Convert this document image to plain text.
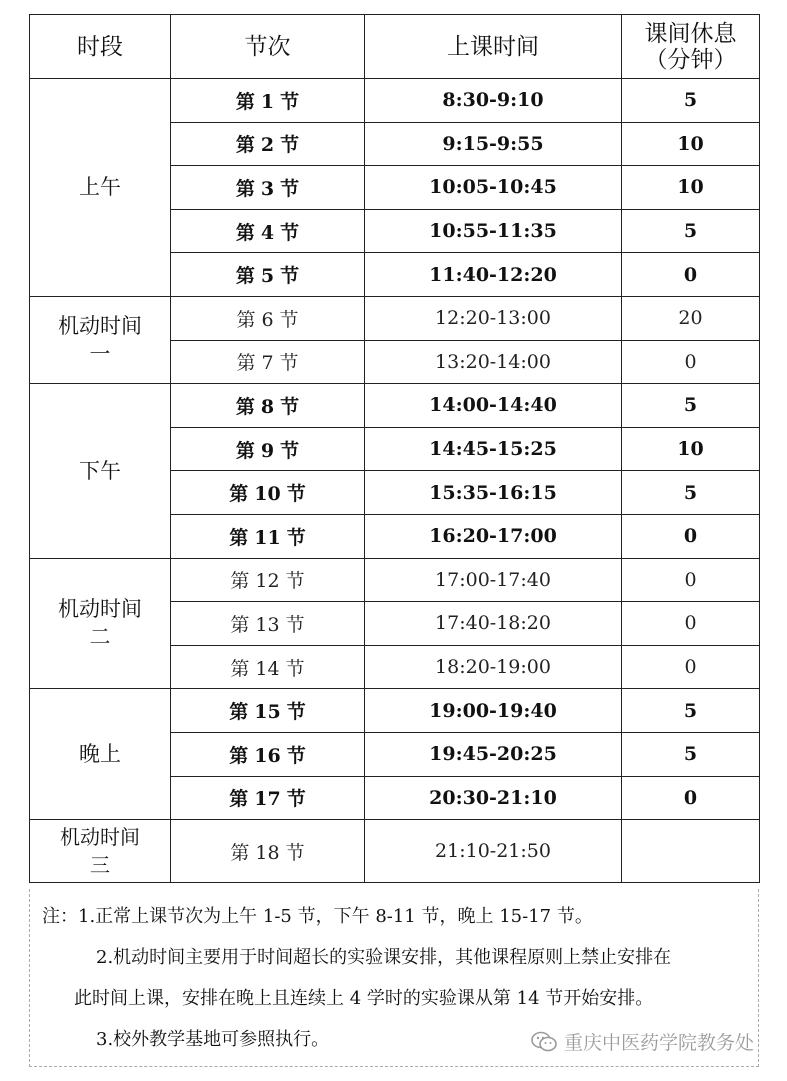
时段	节次	上课时间	课间休息
（分钟）

上午	第 1 节	8:30-9:10	5
	第 2 节	9:15-9:55	10
	第 3 节	10:05-10:45	10
	第 4 节	10:55-11:35	5
	第 5 节	11:40-12:20	0

机动时间
一	第 6 节	12:20-13:00	20
	第 7 节	13:20-14:00	0
下午	第 8 节	14:00-14:40	5
	第 9 节	14:45-15:25	10
	第 10 节	15:35-16:15	5
	第 11 节	16:20-17:00	0

机动时间
二	第 12 节	17:00-17:40	0
	第 13 节	17:40-18:20	0
	第 14 节	18:20-19:00	0
晚上	第 15 节	19:00-19:40	5
	第 16 节	19:45-20:25	5
	第 17 节	20:30-21:10	0

机动时间
三	第 18 节	21:10-21:50	
注：1.正常上课节次为上午 1-5 节，下午 8-11 节，晚上 15-17 节。
2.机动时间主要用于时间超长的实验课安排，其他课程原则上禁止安排在
此时间上课，安排在晚上且连续上 4 学时的实验课从第 14 节开始安排。
3.校外教学基地可参照执行。	重庆中医药学院教务处
